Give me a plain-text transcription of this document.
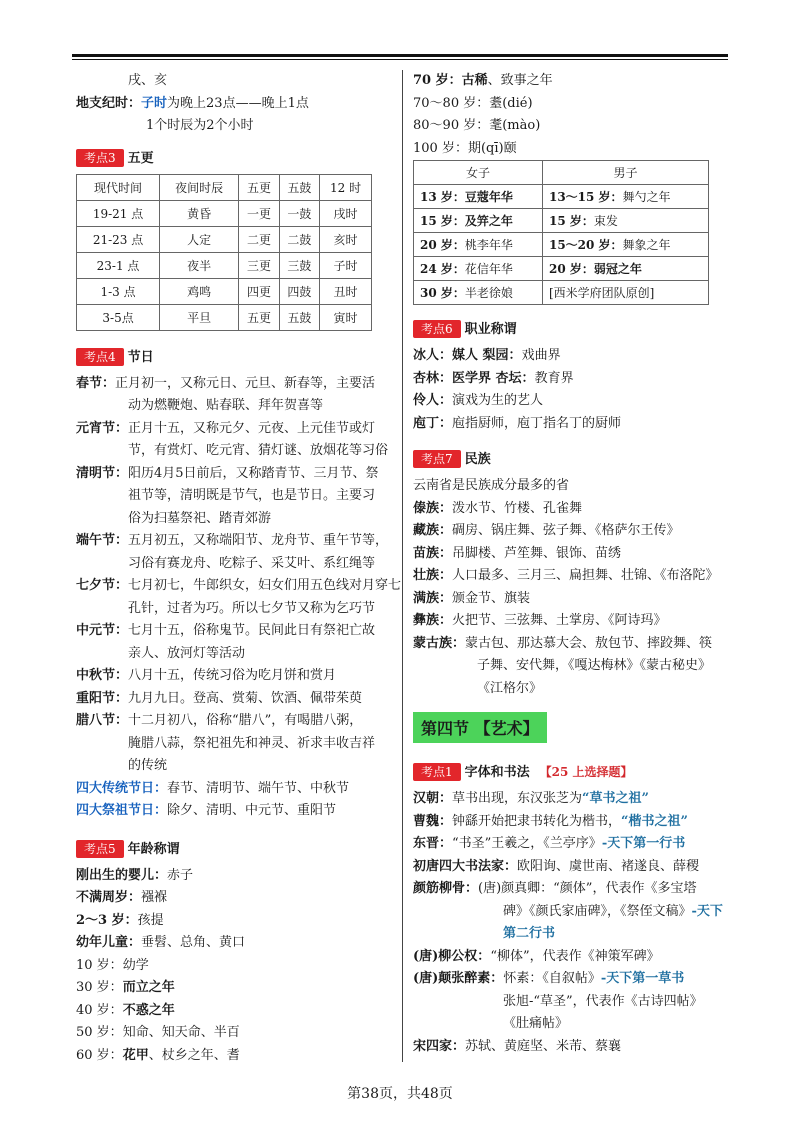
戌、亥
地支纪时：子时为晚上23点——晚上1点
1个时辰为2个小时
考点3 五更
现代时间	夜间时辰	五更	五鼓	12 时
19-21 点	黄昏	一更	一鼓	戌时
21-23 点	人定	二更	二鼓	亥时
23-1 点	夜半	三更	三鼓	子时
1-3 点	鸡鸣	四更	四鼓	丑时
3-5点	平旦	五更	五鼓	寅时
考点4 节日
春节：正月初一，又称元日、元旦、新春等，主要活
动为燃鞭炮、贴春联、拜年贺喜等
元宵节：正月十五，又称元夕、元夜、上元佳节或灯
节，有赏灯、吃元宵、猜灯谜、放烟花等习俗
清明节：阳历4月5日前后，又称踏青节、三月节、祭
祖节等，清明既是节气，也是节日。主要习
俗为扫墓祭祀、踏青郊游
端午节：五月初五，又称端阳节、龙舟节、重午节等，
习俗有赛龙舟、吃粽子、采艾叶、系红绳等
七夕节：七月初七，牛郎织女，妇女们用五色线对月穿七
孔针，过者为巧。所以七夕节又称为乞巧节
中元节：七月十五，俗称鬼节。民间此日有祭祀亡故
亲人、放河灯等活动
中秋节：八月十五，传统习俗为吃月饼和赏月
重阳节：九月九日。登高、赏菊、饮酒、佩带茱萸
腊八节：十二月初八，俗称“腊八”，有喝腊八粥，
腌腊八蒜，祭祀祖先和神灵、祈求丰收吉祥
的传统
四大传统节日：春节、清明节、端午节、中秋节
四大祭祖节日：除夕、清明、中元节、重阳节
考点5 年龄称谓
刚出生的婴儿：赤子
不满周岁：襁褓
2～3 岁：孩提
幼年儿童：垂髫、总角、黄口
10 岁：幼学
30 岁：而立之年
40 岁：不惑之年
50 岁：知命、知天命、半百
60 岁：花甲、杖乡之年、耆
70 岁：古稀、致事之年
70～80 岁：耋(dié)
80～90 岁：耄(mào)
100 岁：期(qī)颐
女子	男子
13 岁：豆蔻年华	13～15 岁：舞勺之年
15 岁：及笄之年	15 岁：束发
20 岁：桃李年华	15～20 岁：舞象之年
24 岁：花信年华	20 岁：弱冠之年
30 岁：半老徐娘	[西米学府团队原创]
考点6 职业称谓
冰人：媒人 梨园：戏曲界
杏林：医学界 杏坛：教育界
伶人：演戏为生的艺人
庖丁：庖指厨师，庖丁指名丁的厨师
考点7 民族
云南省是民族成分最多的省
傣族：泼水节、竹楼、孔雀舞
藏族：碉房、锅庄舞、弦子舞、《格萨尔王传》
苗族：吊脚楼、芦笙舞、银饰、苗绣
壮族：人口最多、三月三、扁担舞、壮锦、《布洛陀》
满族：颁金节、旗装
彝族：火把节、三弦舞、土掌房、《阿诗玛》
蒙古族：蒙古包、那达慕大会、敖包节、摔跤舞、筷
子舞、安代舞，《嘎达梅林》《蒙古秘史》
《江格尔》
第四节 【艺术】
考点1 字体和书法 【25 上选择题】
汉朝：草书出现，东汉张芝为“草书之祖”
曹魏：钟繇开始把隶书转化为楷书，“楷书之祖”
东晋：“书圣”王羲之，《兰亭序》-天下第一行书
初唐四大书法家：欧阳询、虞世南、褚遂良、薛稷
颜筋柳骨：(唐)颜真卿：“颜体”，代表作《多宝塔
碑》《颜氏家庙碑》，《祭侄文稿》-天下
第二行书
(唐)柳公权：“柳体”，代表作《神策军碑》
(唐)颠张醉素：怀素：《自叙帖》-天下第一草书
张旭-“草圣”，代表作《古诗四帖》
《肚痛帖》
宋四家：苏轼、黄庭坚、米芾、蔡襄
第38页，共48页
